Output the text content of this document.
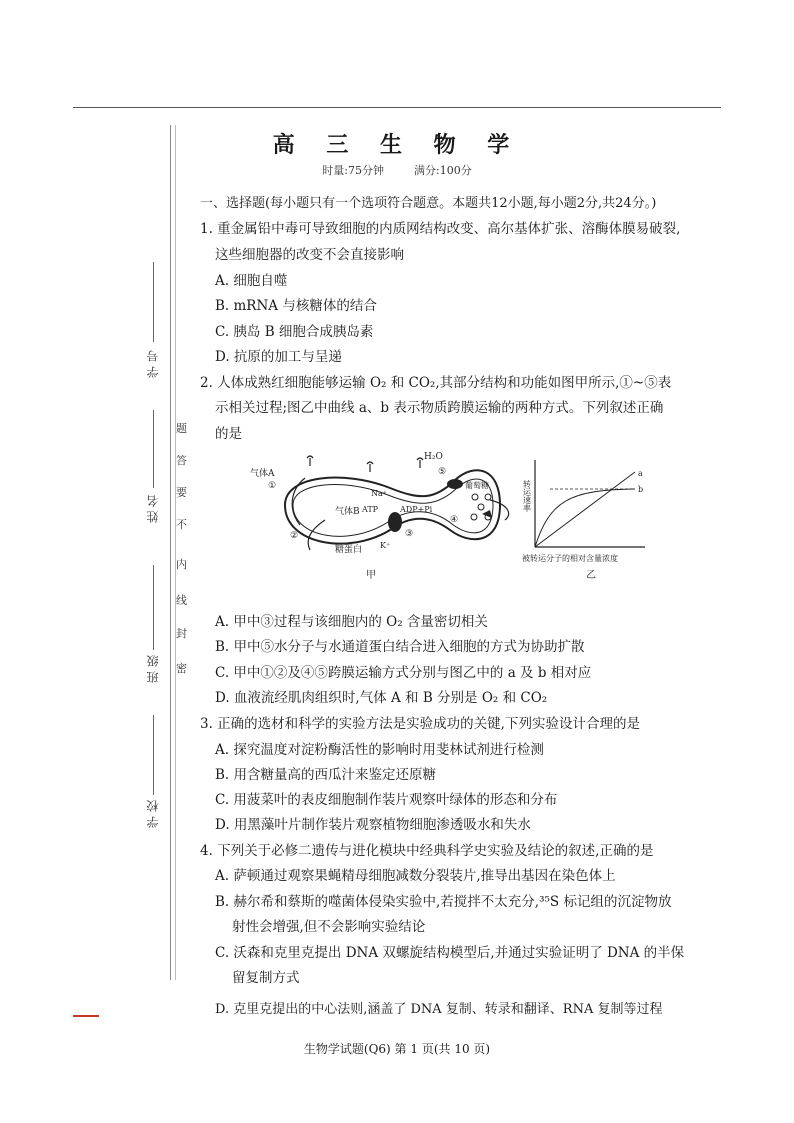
学 号
姓 名
班 级
学 校
题
答
要
不
内
线
封
密
高 三 生 物 学
时量:75分钟	满分:100分
一、选择题(每小题只有一个选项符合题意。本题共12小题,每小题2分,共24分。)
1. 重金属铅中毒可导致细胞的内质网结构改变、高尔基体扩张、溶酶体膜易破裂,
这些细胞器的改变不会直接影响
A. 细胞自噬
B. mRNA 与核糖体的结合
C. 胰岛 B 细胞合成胰岛素
D. 抗原的加工与呈递
2. 人体成熟红细胞能够运输 O₂ 和 CO₂,其部分结构和功能如图甲所示,①~⑤表
示相关过程;图乙中曲线 a、b 表示物质跨膜运输的两种方式。下列叙述正确
的是
气体A
①
气体B
②
糖蛋白
Na⁺
ATP	ADP+Pi
③
K⁺
H₂O
⑤
葡萄糖
④
甲
a
b
转运速率
被转运分子的相对含量浓度
乙
A. 甲中③过程与该细胞内的 O₂ 含量密切相关
B. 甲中⑤水分子与水通道蛋白结合进入细胞的方式为协助扩散
C. 甲中①②及④⑤跨膜运输方式分别与图乙中的 a 及 b 相对应
D. 血液流经肌肉组织时,气体 A 和 B 分别是 O₂ 和 CO₂
3. 正确的选材和科学的实验方法是实验成功的关键,下列实验设计合理的是
A. 探究温度对淀粉酶活性的影响时用斐林试剂进行检测
B. 用含糖量高的西瓜汁来鉴定还原糖
C. 用菠菜叶的表皮细胞制作装片观察叶绿体的形态和分布
D. 用黑藻叶片制作装片观察植物细胞渗透吸水和失水
4. 下列关于必修二遗传与进化模块中经典科学史实验及结论的叙述,正确的是
A. 萨顿通过观察果蝇精母细胞减数分裂装片,推导出基因在染色体上
B. 赫尔希和蔡斯的噬菌体侵染实验中,若搅拌不太充分,³⁵S 标记组的沉淀物放
射性会增强,但不会影响实验结论
C. 沃森和克里克提出 DNA 双螺旋结构模型后,并通过实验证明了 DNA 的半保
留复制方式
D. 克里克提出的中心法则,涵盖了 DNA 复制、转录和翻译、RNA 复制等过程
生物学试题(Q6) 第 1 页(共 10 页)
